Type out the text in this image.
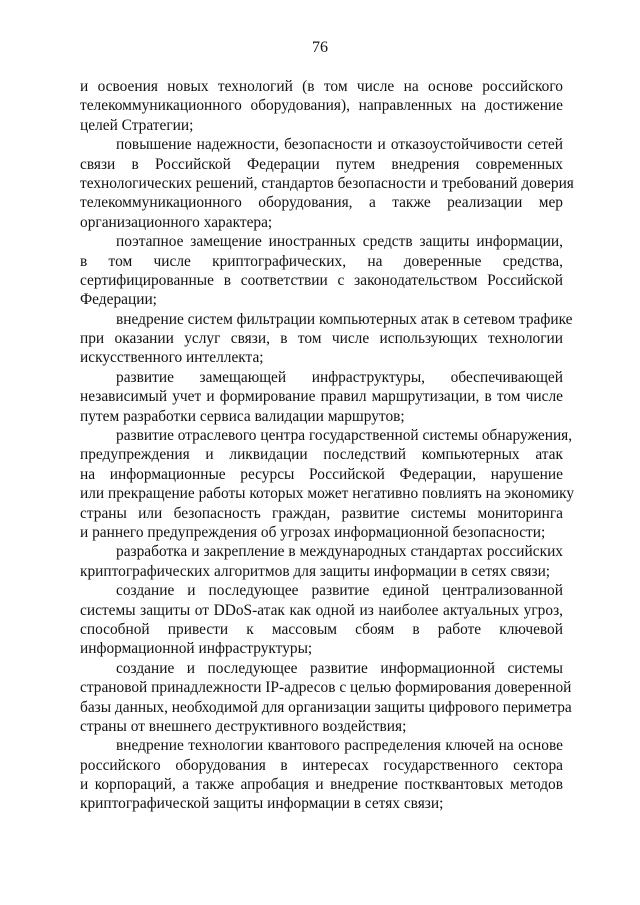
76
и освоения новых технологий (в том числе на основе российского
телекоммуникационного оборудования), направленных на достижение
целей Стратегии;
повышение надежности, безопасности и отказоустойчивости сетей
связи в Российской Федерации путем внедрения современных
технологических решений, стандартов безопасности и требований доверия
телекоммуникационного оборудования, а также реализации мер
организационного характера;
поэтапное замещение иностранных средств защиты информации,
в том числе криптографических, на доверенные средства,
сертифицированные в соответствии с законодательством Российской
Федерации;
внедрение систем фильтрации компьютерных атак в сетевом трафике
при оказании услуг связи, в том числе использующих технологии
искусственного интеллекта;
развитие замещающей инфраструктуры, обеспечивающей
независимый учет и формирование правил маршрутизации, в том числе
путем разработки сервиса валидации маршрутов;
развитие отраслевого центра государственной системы обнаружения,
предупреждения и ликвидации последствий компьютерных атак
на информационные ресурсы Российской Федерации, нарушение
или прекращение работы которых может негативно повлиять на экономику
страны или безопасность граждан, развитие системы мониторинга
и раннего предупреждения об угрозах информационной безопасности;
разработка и закрепление в международных стандартах российских
криптографических алгоритмов для защиты информации в сетях связи;
создание и последующее развитие единой централизованной
системы защиты от DDoS-атак как одной из наиболее актуальных угроз,
способной привести к массовым сбоям в работе ключевой
информационной инфраструктуры;
создание и последующее развитие информационной системы
страновой принадлежности IP-адресов с целью формирования доверенной
базы данных, необходимой для организации защиты цифрового периметра
страны от внешнего деструктивного воздействия;
внедрение технологии квантового распределения ключей на основе
российского оборудования в интересах государственного сектора
и корпораций, а также апробация и внедрение постквантовых методов
криптографической защиты информации в сетях связи;
